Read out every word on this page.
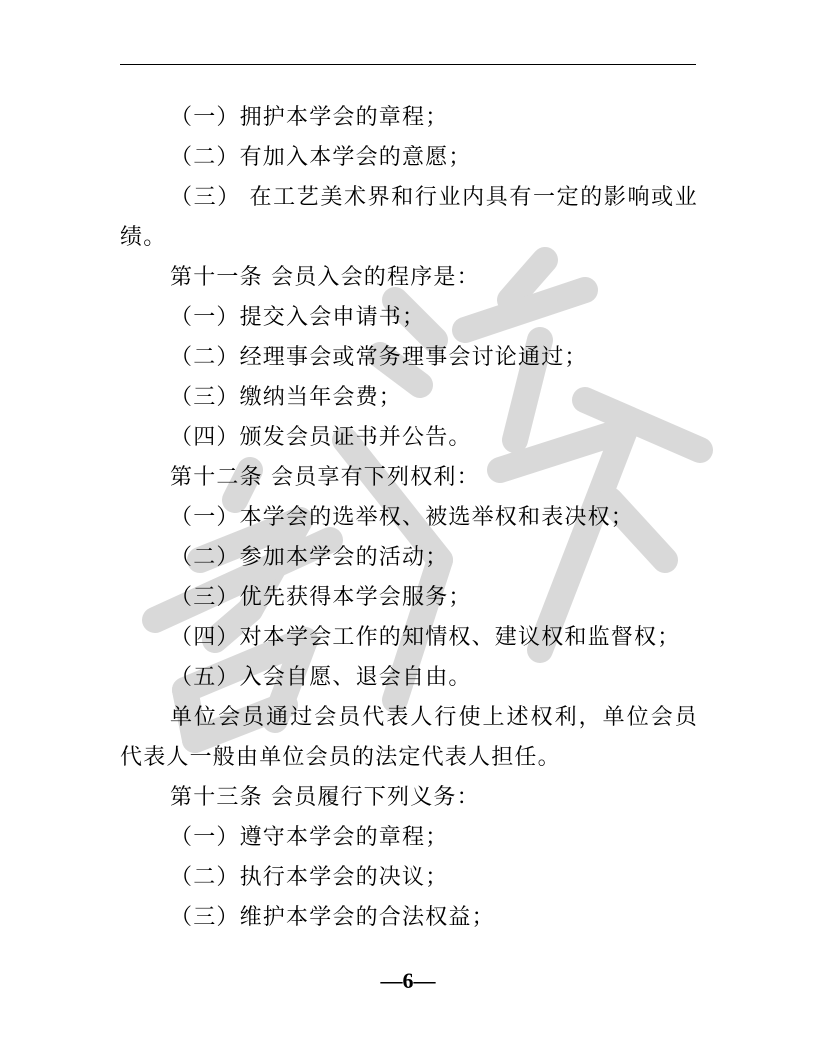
（一）拥护本学会的章程；
（二）有加入本学会的意愿；
（三） 在工艺美术界和行业内具有一定的影响或业
绩。
第十一条 会员入会的程序是：
（一）提交入会申请书；
（二）经理事会或常务理事会讨论通过；
（三）缴纳当年会费；
（四）颁发会员证书并公告。
第十二条 会员享有下列权利：
（一）本学会的选举权、被选举权和表决权；
（二）参加本学会的活动；
（三）优先获得本学会服务；
（四）对本学会工作的知情权、建议权和监督权；
（五）入会自愿、退会自由。
单位会员通过会员代表人行使上述权利，单位会员
代表人一般由单位会员的法定代表人担任。
第十三条 会员履行下列义务：
（一）遵守本学会的章程；
（二）执行本学会的决议；
（三）维护本学会的合法权益；
—6—
